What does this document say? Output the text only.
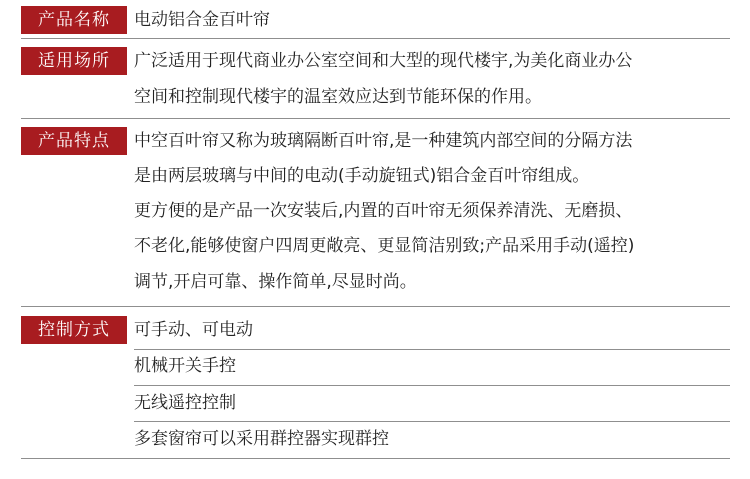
产品名称	电动铝合金百叶帘
适用场所	广泛适用于现代商业办公室空间和大型的现代楼宇,为美化商业办公
空间和控制现代楼宇的温室效应达到节能环保的作用。
产品特点	中空百叶帘又称为玻璃隔断百叶帘,是一种建筑内部空间的分隔方法
是由两层玻璃与中间的电动(手动旋钮式)铝合金百叶帘组成。
更方便的是产品一次安装后,内置的百叶帘无须保养清洗、无磨损、
不老化,能够使窗户四周更敞亮、更显简洁别致;产品采用手动(遥控)
调节,开启可靠、操作简单,尽显时尚。
控制方式	可手动、可电动
机械开关手控
无线遥控控制
多套窗帘可以采用群控器实现群控
